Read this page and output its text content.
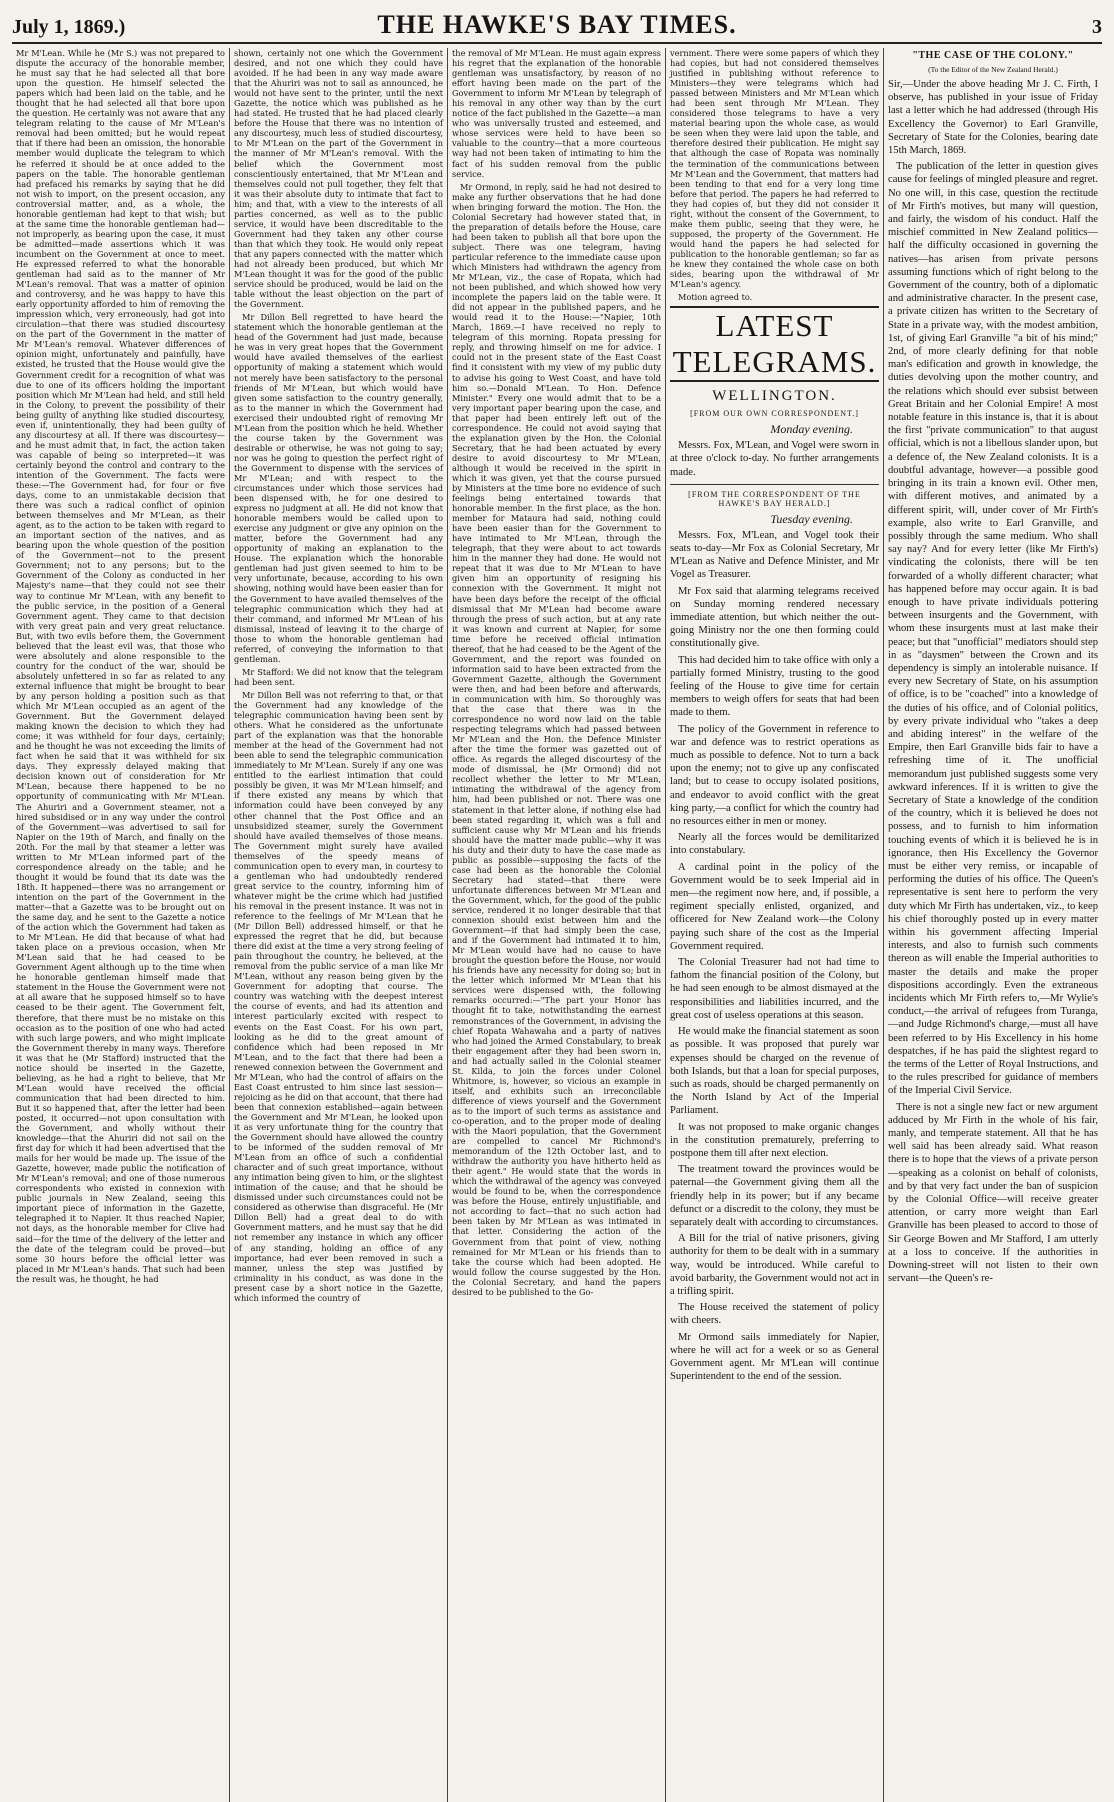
July 1, 1869.)	THE HAWKE'S BAY TIMES.	3

Mr M'Lean. While he (Mr S.) was not prepared to dispute the accuracy of the honorable member, he must say that he had selected all that bore upon the question. He himself selected the papers which had been laid on the table, and he thought that he had selected all that bore upon the question. He certainly was not aware that any telegram relating to the cause of Mr M'Lean's removal had been omitted; but he would repeat that if there had been an omission, the honorable member would duplicate the telegram to which he referred it should be at once added to the papers on the table. The honorable gentleman had prefaced his remarks by saying that he did not wish to import, on the present occasion, any controversial matter, and, as a whole, the honorable gentleman had kept to that wish; but at the same time the honorable gentleman had—not improperly, as bearing upon the case, it must be admitted—made assertions which it was incumbent on the Government at once to meet. He expressed referred to what the honorable gentleman had said as to the manner of Mr M'Lean's removal. That was a matter of opinion and controversy, and he was happy to have this early opportunity afforded to him of removing the impression which, very erroneously, had got into circulation—that there was studied discourtesy on the part of the Government in the matter of Mr M'Lean's removal. Whatever differences of opinion might, unfortunately and painfully, have existed, he trusted that the House would give the Government credit for a recognition of what was due to one of its officers holding the important position which Mr M'Lean had held, and still held in the Colony, to prevent the possibility of their being guilty of anything like studied discourtesy, even if, unintentionally, they had been guilty of any discourtesy at all. If there was discourtesy—and he must admit that, in fact, the action taken was capable of being so interpreted—it was certainly beyond the control and contrary to the intention of the Government. The facts were these:—The Government had, for four or five days, come to an unmistakable decision that there was such a radical conflict of opinion between themselves and Mr M'Lean, as their agent, as to the action to be taken with regard to an important section of the natives, and as bearing upon the whole question of the position of the Government—not to the present Government; not to any persons; but to the Government of the Colony as conducted in her Majesty's name—that they could not see their way to continue Mr M'Lean, with any benefit to the public service, in the position of a General Government agent. They came to that decision with very great pain and very great reluctance. But, with two evils before them, the Government believed that the least evil was, that those who were absolutely and alone responsible to the country for the conduct of the war, should be absolutely unfettered in so far as related to any external influence that might be brought to bear by any person holding a position such as that which Mr M'Lean occupied as an agent of the Government. But the Government delayed making known the decision to which they had come; it was withheld for four days, certainly; and he thought he was not exceeding the limits of fact when he said that it was withheld for six days. They expressly delayed making that decision known out of consideration for Mr M'Lean, because there happened to be no opportunity of communicating with Mr M'Lean. The Ahuriri and a Government steamer, not a hired subsidised or in any way under the control of the Government—was advertised to sail for Napier on the 19th of March, and finally on the 20th. For the mail by that steamer a letter was written to Mr M'Lean informed part of the correspondence already on the table; and he thought it would be found that its date was the 18th. It happened—there was no arrangement or intention on the part of the Government in the matter—that a Gazette was to be brought out on the same day, and he sent to the Gazette a notice of the action which the Government had taken as to Mr M'Lean. He did that because of what had taken place on a previous occasion, when Mr M'Lean said that he had ceased to be Government Agent although up to the time when he honorable gentleman himself made that statement in the House the Government were not at all aware that he supposed himself so to have ceased to be their agent. The Government felt, therefore, that there must be no mistake on this occasion as to the position of one who had acted with such large powers, and who might implicate the Government thereby in many ways. Therefore it was that he (Mr Stafford) instructed that the notice should be inserted in the Gazette, believing, as he had a right to believe, that Mr M'Lean would have received the official communication that had been directed to him. But it so happened that, after the letter had been posted, it occurred—not upon consultation with the Government, and wholly without their knowledge—that the Ahuriri did not sail on the first day for which it had been advertised that the mails for her would be made up. The issue of the Gazette, however, made public the notification of Mr M'Lean's removal; and one of those numerous correspondents who existed in connexion with public journals in New Zealand, seeing this important piece of information in the Gazette, telegraphed it to Napier. It thus reached Napier, not days, as the honorable member for Clive had said—for the time of the delivery of the letter and the date of the telegram could be proved—but some 30 hours before the official letter was placed in Mr M'Lean's hands. That such had been the result was, he thought, he had

shown, certainly not one which the Government desired, and not one which they could have avoided. If he had been in any way made aware that the Ahuriri was not to sail as announced, he would not have sent to the printer, until the next Gazette, the notice which was published as he had stated. He trusted that he had placed clearly before the House that there was no intention of any discourtesy, much less of studied discourtesy, to Mr M'Lean on the part of the Government in the manner of Mr M'Lean's removal. With the belief which the Government most conscientiously entertained, that Mr M'Lean and themselves could not pull together, they felt that it was their absolute duty to intimate that fact to him; and that, with a view to the interests of all parties concerned, as well as to the public service, it would have been discreditable to the Government had they taken any other course than that which they took. He would only repeat that any papers connected with the matter which had not already been produced, but which Mr M'Lean thought it was for the good of the public service should be produced, would be laid on the table without the least objection on the part of the Government.

Mr Dillon Bell regretted to have heard the statement which the honorable gentleman at the head of the Government had just made, because he was in very great hopes that the Government would have availed themselves of the earliest opportunity of making a statement which would not merely have been satisfactory to the personal friends of Mr M'Lean, but which would have given some satisfaction to the country generally, as to the manner in which the Government had exercised their undoubted right of removing Mr M'Lean from the position which he held. Whether the course taken by the Government was desirable or otherwise, he was not going to say; nor was he going to question the perfect right of the Government to dispense with the services of Mr M'Lean; and with respect to the circumstances under which those services had been dispensed with, he for one desired to express no judgment at all. He did not know that honorable members would be called upon to exercise any judgment or give any opinion on the matter, before the Government had any opportunity of making an explanation to the House. The explanation which the honorable gentleman had just given seemed to him to be very unfortunate, because, according to his own showing, nothing would have been easier than for the Government to have availed themselves of the telegraphic communication which they had at their command, and informed Mr M'Lean of his dismissal, instead of leaving it to the charge of those to whom the honorable gentleman had referred, of conveying the information to that gentleman.

Mr Stafford: We did not know that the telegram had been sent.

Mr Dillon Bell was not referring to that, or that the Government had any knowledge of the telegraphic communication having been sent by others. What he considered as the unfortunate part of the explanation was that the honorable member at the head of the Government had not been able to send the telegraphic communication immediately to Mr M'Lean. Surely if any one was entitled to the earliest intimation that could possibly be given, it was Mr M'Lean himself; and if there existed any means by which that information could have been conveyed by any other channel that the Post Office and an unsubsidized steamer, surely the Government should have availed themselves of those means. The Government might surely have availed themselves of the speedy means of communication open to every man, in courtesy to a gentleman who had undoubtedly rendered great service to the country, informing him of whatever might be the crime which had justified his removal in the present instance. It was not in reference to the feelings of Mr M'Lean that he (Mr Dillon Bell) addressed himself, or that he expressed the regret that he did, but because there did exist at the time a very strong feeling of pain throughout the country, he believed, at the removal from the public service of a man like Mr M'Lean, without any reason being given by the Government for adopting that course. The country was watching with the deepest interest the course of events, and had its attention and interest particularly excited with respect to events on the East Coast. For his own part, looking as he did to the great amount of confidence which had been reposed in Mr M'Lean, and to the fact that there had been a renewed connexion between the Government and Mr M'Lean, who had the control of affairs on the East Coast entrusted to him since last session—rejoicing as he did on that account, that there had been that connexion established—again between the Government and Mr M'Lean, he looked upon it as very unfortunate thing for the country that the Government should have allowed the country to be informed of the sudden removal of Mr M'Lean from an office of such a confidential character and of such great importance, without any intimation being given to him, or the slightest intimation of the cause; and that he should be dismissed under such circumstances could not be considered as otherwise than disgraceful. He (Mr Dillon Bell) had a great deal to do with Government matters, and he must say that he did not remember any instance in which any officer of any standing, holding an office of any importance, had ever been removed in such a manner, unless the step was justified by criminality in his conduct, as was done in the present case by a short notice in the Gazette, which informed the country of

the removal of Mr M'Lean. He must again express his regret that the explanation of the honorable gentleman was unsatisfactory, by reason of no effort having been made on the part of the Government to inform Mr M'Lean by telegraph of his removal in any other way than by the curt notice of the fact published in the Gazette—a man who was universally trusted and esteemed, and whose services were held to have been so valuable to the country—that a more courteous way had not been taken of intimating to him the fact of his sudden removal from the public service.

Mr Ormond, in reply, said he had not desired to make any further observations that he had done when bringing forward the motion. The Hon. the Colonial Secretary had however stated that, in the preparation of details before the House, care had been taken to publish all that bore upon the subject. There was one telegram, having particular reference to the immediate cause upon which Ministers had withdrawn the agency from Mr M'Lean, viz., the case of Ropata, which had not been published, and which showed how very incomplete the papers laid on the table were. It did not appear in the published papers, and he would read it to the House:—"Napier, 10th March, 1869.—I have received no reply to telegram of this morning. Ropata pressing for reply, and throwing himself on me for advice. I could not in the present state of the East Coast find it consistent with my view of my public duty to advise his going to West Coast, and have told him so.—Donald M'Lean. To Hon. Defence Minister." Every one would admit that to be a very important paper bearing upon the case, and that paper had been entirely left out of the correspondence. He could not avoid saying that the explanation given by the Hon. the Colonial Secretary, that he had been actuated by every desire to avoid discourtesy to Mr M'Lean, although it would be received in the spirit in which it was given, yet that the course pursued by Ministers at the time bore no evidence of such feelings being entertained towards that honorable member. In the first place, as the hon. member for Mataura had said, nothing could have been easier than for the Government to have intimated to Mr M'Lean, through the telegraph, that they were about to act towards him in the manner they had done. He would not repeat that it was due to Mr M'Lean to have given him an opportunity of resigning his connexion with the Government. It might not have been days before the receipt of the official dismissal that Mr M'Lean had become aware through the press of such action, but at any rate it was known and current at Napier, for some time before he received official intimation thereof, that he had ceased to be the Agent of the Government, and the report was founded on information said to have been extracted from the Government Gazette, although the Government were then, and had been before and afterwards, in communication with him. So thoroughly was that the case that there was in the correspondence no word now laid on the table respecting telegrams which had passed between Mr M'Lean and the Hon. the Defence Minister after the time the former was gazetted out of office. As regards the alleged discourtesy of the mode of dismissal, he (Mr Ormond) did not recollect whether the letter to Mr M'Lean, intimating the withdrawal of the agency from him, had been published or not. There was one statement in that letter alone, if nothing else had been stated regarding it, which was a full and sufficient cause why Mr M'Lean and his friends should have the matter made public—why it was his duty and their duty to have the case made as public as possible—supposing the facts of the case had been as the honorable the Colonial Secretary had stated—that there were unfortunate differences between Mr M'Lean and the Government, which, for the good of the public service, rendered it no longer desirable that that connexion should exist between him and the Government—if that had simply been the case, and if the Government had intimated it to him, Mr M'Lean would have had no cause to have brought the question before the House, nor would his friends have any necessity for doing so; but in the letter which informed Mr M'Lean that his services were dispensed with, the following remarks occurred:—"The part your Honor has thought fit to take, notwithstanding the earnest remonstrances of the Government, in advising the chief Ropata Wahawaha and a party of natives who had joined the Armed Constabulary, to break their engagement after they had been sworn in, and had actually sailed in the Colonial steamer St. Kilda, to join the forces under Colonel Whitmore, is, however, so vicious an example in itself, and exhibits such an irreconcilable difference of views yourself and the Government as to the import of such terms as assistance and co-operation, and to the proper mode of dealing with the Maori population, that the Government are compelled to cancel Mr Richmond's memorandum of the 12th October last, and to withdraw the authority you have hitherto held as their agent." He would state that the words in which the withdrawal of the agency was conveyed would be found to be, when the correspondence was before the House, entirely unjustifiable, and not according to fact—that no such action had been taken by Mr M'Lean as was intimated in that letter. Considering the action of the Government from that point of view, nothing remained for Mr M'Lean or his friends than to take the course which had been adopted. He would follow the course suggested by the Hon. the Colonial Secretary, and hand the papers desired to be published to the Go-

vernment. There were some papers of which they had copies, but had not considered themselves justified in publishing without reference to Ministers—they were telegrams which had passed between Ministers and Mr M'Lean which had been sent through Mr M'Lean. They considered those telegrams to have a very material bearing upon the whole case, as would be seen when they were laid upon the table, and therefore desired their publication. He might say that although the case of Ropata was nominally the termination of the communications between Mr M'Lean and the Government, that matters had been tending to that end for a very long time before that period. The papers he had referred to they had copies of, but they did not consider it right, without the consent of the Government, to make them public, seeing that they were, he supposed, the property of the Government. He would hand the papers he had selected for publication to the honorable gentleman; so far as he knew they contained the whole case on both sides, bearing upon the withdrawal of Mr M'Lean's agency.

Motion agreed to.

LATEST TELEGRAMS.
WELLINGTON.
[FROM OUR OWN CORRESPONDENT.]
Monday evening.

Messrs. Fox, M'Lean, and Vogel were sworn in at three o'clock to-day. No further arrangements made.

[FROM THE CORRESPONDENT OF THE HAWKE'S BAY HERALD.]
Tuesday evening.

Messrs. Fox, M'Lean, and Vogel took their seats to-day—Mr Fox as Colonial Secretary, Mr M'Lean as Native and Defence Minister, and Mr Vogel as Treasurer.

Mr Fox said that alarming telegrams received on Sunday morning rendered necessary immediate attention, but which neither the out-going Ministry nor the one then forming could constitutionally give.

This had decided him to take office with only a partially formed Ministry, trusting to the good feeling of the House to give time for certain members to weigh offers for seats that had been made to them.

The policy of the Government in reference to war and defence was to restrict operations as much as possible to defence. Not to turn a back upon the enemy; not to give up any confiscated land; but to cease to occupy isolated positions, and endeavor to avoid conflict with the great king party,—a conflict for which the country had no resources either in men or money.

Nearly all the forces would be demilitarized into constabulary.

A cardinal point in the policy of the Government would be to seek Imperial aid in men—the regiment now here, and, if possible, a regiment specially enlisted, organized, and officered for New Zealand work—the Colony paying such share of the cost as the Imperial Government required.

The Colonial Treasurer had not had time to fathom the financial position of the Colony, but he had seen enough to be almost dismayed at the responsibilities and liabilities incurred, and the great cost of useless operations at this season.

He would make the financial statement as soon as possible. It was proposed that purely war expenses should be charged on the revenue of both Islands, but that a loan for special purposes, such as roads, should be charged permanently on the North Island by Act of the Imperial Parliament.

It was not proposed to make organic changes in the constitution prematurely, preferring to postpone them till after next election.

The treatment toward the provinces would be paternal—the Government giving them all the friendly help in its power; but if any became defunct or a discredit to the colony, they must be separately dealt with according to circumstances.

A Bill for the trial of native prisoners, giving authority for them to be dealt with in a summary way, would be introduced. While careful to avoid barbarity, the Government would not act in a trifling spirit.

The House received the statement of policy with cheers.

Mr Ormond sails immediately for Napier, where he will act for a week or so as General Government agent. Mr M'Lean will continue Superintendent to the end of the session.

"THE CASE OF THE COLONY."
(To the Editor of the New Zealand Herald.)

Sir,—Under the above heading Mr J. C. Firth, I observe, has published in your issue of Friday last a letter which he had addressed (through His Excellency the Governor) to Earl Granville, Secretary of State for the Colonies, bearing date 15th March, 1869.

The publication of the letter in question gives cause for feelings of mingled pleasure and regret. No one will, in this case, question the rectitude of Mr Firth's motives, but many will question, and fairly, the wisdom of his conduct. Half the mischief committed in New Zealand politics—half the difficulty occasioned in governing the natives—has arisen from private persons assuming functions which of right belong to the Government of the country, both of a diplomatic and administrative character. In the present case, a private citizen has written to the Secretary of State in a private way, with the modest ambition, 1st, of giving Earl Granville "a bit of his mind;" 2nd, of more clearly defining for that noble man's edification and growth in knowledge, the duties devolving upon the mother country, and the relations which should ever subsist between Great Britain and her Colonial Empire! A most notable feature in this instance is, that it is about the first "private communication" to that august official, which is not a libellous slander upon, but a defence of, the New Zealand colonists. It is a doubtful advantage, however—a possible good bringing in its train a known evil. Other men, with different motives, and animated by a different spirit, will, under cover of Mr Firth's example, also write to Earl Granville, and possibly through the same medium. Who shall say nay? And for every letter (like Mr Firth's) vindicating the colonists, there will be ten forwarded of a wholly different character; what has happened before may occur again. It is bad enough to have private individuals pottering between insurgents and the Government, with whom these insurgents must at last make their peace; but that "unofficial" mediators should step in as "daysmen" between the Crown and its dependency is simply an intolerable nuisance. If every new Secretary of State, on his assumption of office, is to be "coached" into a knowledge of the duties of his office, and of Colonial politics, by every private individual who "takes a deep and abiding interest" in the welfare of the Empire, then Earl Granville bids fair to have a refreshing time of it. The unofficial memorandum just published suggests some very awkward inferences. If it is written to give the Secretary of State a knowledge of the condition of the country, which it is believed he does not possess, and to furnish to him information touching events of which it is believed he is in ignorance, then His Excellency the Governor must be either very remiss, or incapable of performing the duties of his office. The Queen's representative is sent here to perform the very duty which Mr Firth has undertaken, viz., to keep his chief thoroughly posted up in every matter within his government affecting Imperial interests, and also to furnish such comments thereon as will enable the Imperial authorities to master the details and make the proper dispositions accordingly. Even the extraneous incidents which Mr Firth refers to,—Mr Wylie's conduct,—the arrival of refugees from Turanga,—and Judge Richmond's charge,—must all have been referred to by His Excellency in his home despatches, if he has paid the slightest regard to the terms of the Letter of Royal Instructions, and to the rules prescribed for guidance of members of the Imperial Civil Service.

There is not a single new fact or new argument adduced by Mr Firth in the whole of his fair, manly, and temperate statement. All that he has well said has been already said. What reason there is to hope that the views of a private person—speaking as a colonist on behalf of colonists, and by that very fact under the ban of suspicion by the Colonial Office—will receive greater attention, or carry more weight than Earl Granville has been pleased to accord to those of Sir George Bowen and Mr Stafford, I am utterly at a loss to conceive. If the authorities in Downing-street will not listen to their own servant—the Queen's re-
